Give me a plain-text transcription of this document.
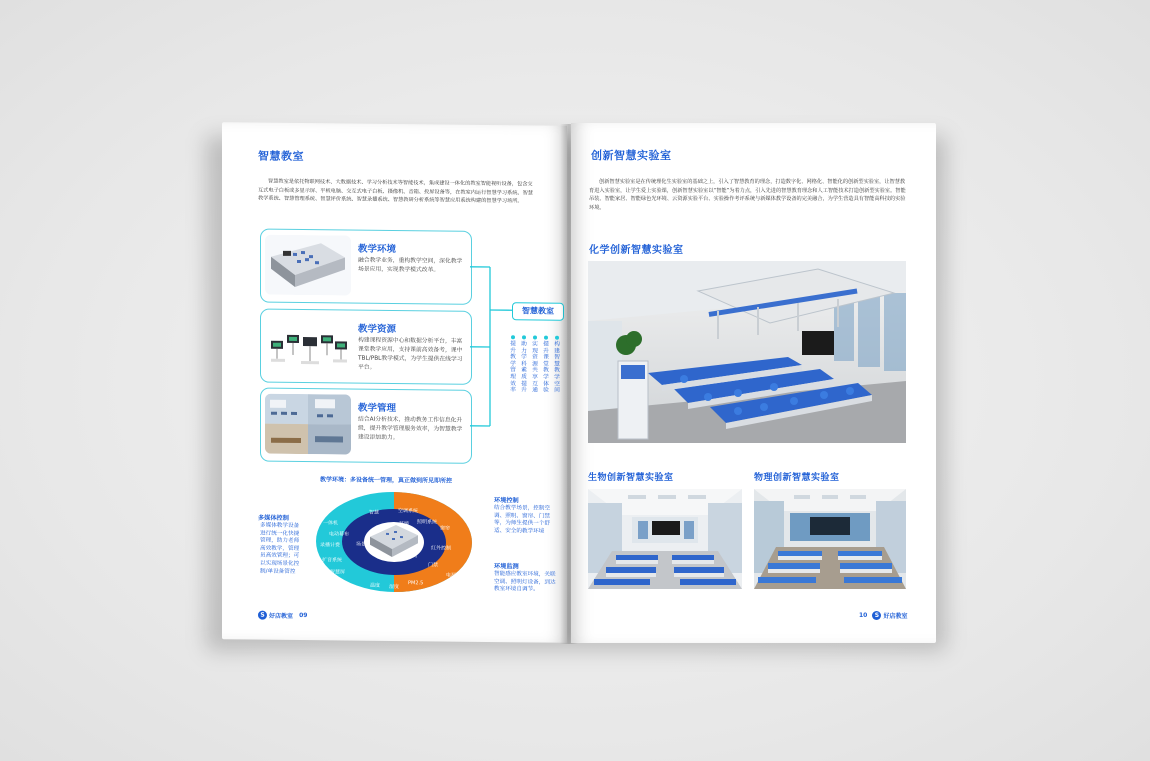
智慧教室
智慧教室是依托物联网技术、大数据技术、学习分析技术等智能技术，集成建设一体化的教室智能视听设备，包含交互式电子白板或多显示屏、平板电脑、交互式电子白板、摄像机、音箱、投屏设备等，在教室内运行智慧学习系统、智慧教学系统、智慧管理系统、智慧评价系统、智慧录播系统、智慧教研分析系统等智慧应用系统构建的智慧学习场所。
教学环境
融合教学业务，重构教学空间，深化教学场景应用，实现教学模式改革。
教学资源
构建课程资源中心和数据分析平台，丰富课堂教学应用，支持课前高效备考，课中TBL/PBL教学模式，为学生提供在线学习平台。
教学管理
结合AI分析技术，推动教务工作信息化升级，提升教学管理服务效率，为智慧教学建设添加助力。
智慧教室
提升教学管理效率
助力学科素质提升
实现资源共享互通
提升课堂教学体验
构建智慧教学空间
教学环境：多设备统一管理，真正做到所见即所控
一体机
电动幕布
录播计费
扩音系统
智慧屏
空调系统
照明系统
窗帘
红外控制
门禁
电源
温度 湿度
PM2.5
智慧
环境
场景
监测
多媒体控制
多媒体教学设备进行统一化快捷管理，助力老师高效教学，管理员高效管理；可以实现场景化控制/单设备管控
环境控制
结合教学场景，控制空调、照明、窗帘、门禁等，为师生提供一个舒适、安全的教学环境
环境监测
智能感应教室环境，关联空调、照明灯设备，到达教室环境自调节。
S 好店教室 09
创新智慧实验室
创新智慧实验室是在传统理化生实验室的基础之上，引入了智慧教育的理念，打造数字化、网格化、智能化的创新型实验室，让智慧教育进入实验室，让学生爱上实验课，创新智慧实验室以“智能”为着力点，引入先进的智慧教育理念和人工智能技术打造创新型实验室。智能吊装、智能家居、智能绿色光环境、云资源实验平台、实验操作考评系统与新媒体教学设备的完美融合，为学生营造具有智能高科技的实验环境。
化学创新智慧实验室
生物创新智慧实验室	物理创新智慧实验室
10 S 好店教室
